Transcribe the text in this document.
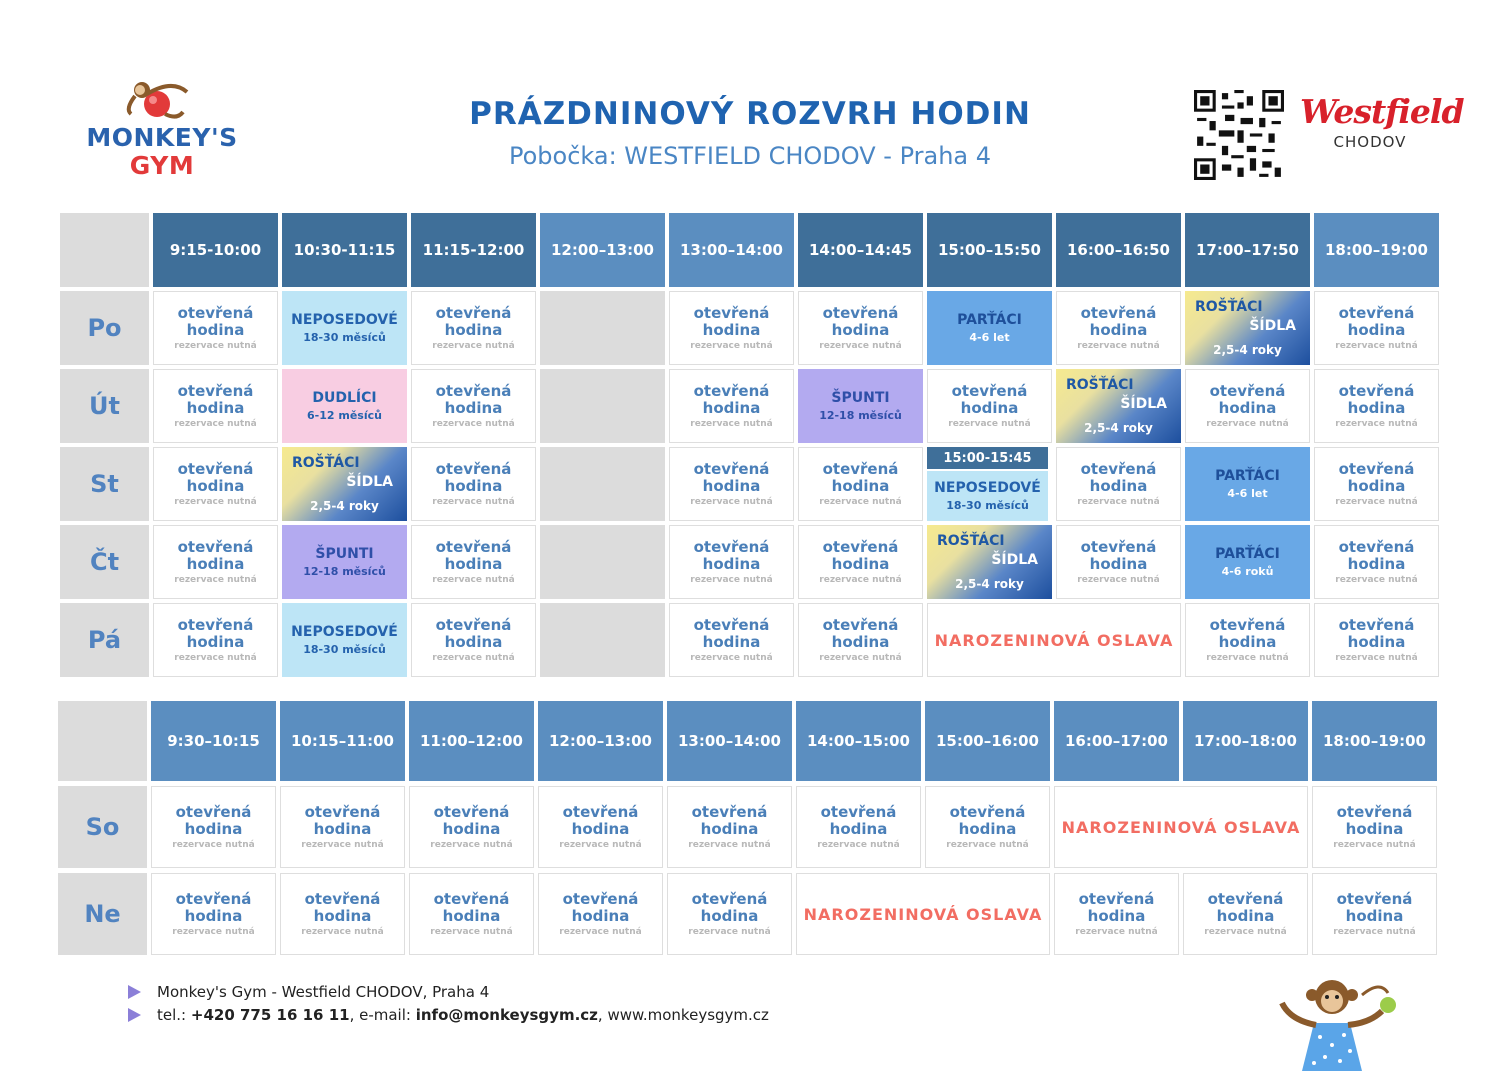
MONKEY'S
GYM
PRÁZDNINOVÝ ROZVRH HODIN
Pobočka: WESTFIELD CHODOV - Praha 4
Westfield
CHODOV
9:15-10:00 10:30-11:15 11:15-12:00 12:00–13:00 13:00–14:00 14:00–14:45 15:00–15:50 16:00–16:50 17:00–17:50 18:00–19:00
Po
otevřená
hodina
rezervace nutná
NEPOSEDOVÉ
18-30 měsíců
otevřená
hodina
rezervace nutná
otevřená
hodina
rezervace nutná
otevřená
hodina
rezervace nutná
PARŤÁCI
4-6 let
otevřená
hodina
rezervace nutná
ROŠŤÁCI
ŠÍDLA
2,5-4 roky
otevřená
hodina
rezervace nutná
Út
otevřená
hodina
rezervace nutná
DUDLÍCI
6-12 měsíců
otevřená
hodina
rezervace nutná
otevřená
hodina
rezervace nutná
ŠPUNTI
12-18 měsíců
otevřená
hodina
rezervace nutná
ROŠŤÁCI
ŠÍDLA
2,5-4 roky
otevřená
hodina
rezervace nutná
otevřená
hodina
rezervace nutná
St
otevřená
hodina
rezervace nutná
ROŠŤÁCI
ŠÍDLA
2,5-4 roky
otevřená
hodina
rezervace nutná
otevřená
hodina
rezervace nutná
otevřená
hodina
rezervace nutná
15:00-15:45
NEPOSEDOVÉ
18-30 měsíců
otevřená
hodina
rezervace nutná
PARŤÁCI
4-6 let
otevřená
hodina
rezervace nutná
Čt
otevřená
hodina
rezervace nutná
ŠPUNTI
12-18 měsíců
otevřená
hodina
rezervace nutná
otevřená
hodina
rezervace nutná
otevřená
hodina
rezervace nutná
ROŠŤÁCI
ŠÍDLA
2,5-4 roky
otevřená
hodina
rezervace nutná
PARŤÁCI
4-6 roků
otevřená
hodina
rezervace nutná
Pá
otevřená
hodina
rezervace nutná
NEPOSEDOVÉ
18-30 měsíců
otevřená
hodina
rezervace nutná
otevřená
hodina
rezervace nutná
otevřená
hodina
rezervace nutná
NAROZENINOVÁ OSLAVA
otevřená
hodina
rezervace nutná
otevřená
hodina
rezervace nutná
9:30–10:15 10:15–11:00 11:00–12:00 12:00–13:00 13:00–14:00 14:00–15:00 15:00–16:00 16:00–17:00 17:00–18:00 18:00–19:00
So
otevřená
hodina
rezervace nutná
otevřená
hodina
rezervace nutná
otevřená
hodina
rezervace nutná
otevřená
hodina
rezervace nutná
otevřená
hodina
rezervace nutná
otevřená
hodina
rezervace nutná
otevřená
hodina
rezervace nutná
NAROZENINOVÁ OSLAVA
otevřená
hodina
rezervace nutná
Ne
otevřená
hodina
rezervace nutná
otevřená
hodina
rezervace nutná
otevřená
hodina
rezervace nutná
otevřená
hodina
rezervace nutná
otevřená
hodina
rezervace nutná
NAROZENINOVÁ OSLAVA
otevřená
hodina
rezervace nutná
otevřená
hodina
rezervace nutná
otevřená
hodina
rezervace nutná
Monkey's Gym - Westfield CHODOV, Praha 4
tel.: +420 775 16 16 11, e-mail: info@monkeysgym.cz, www.monkeysgym.cz
